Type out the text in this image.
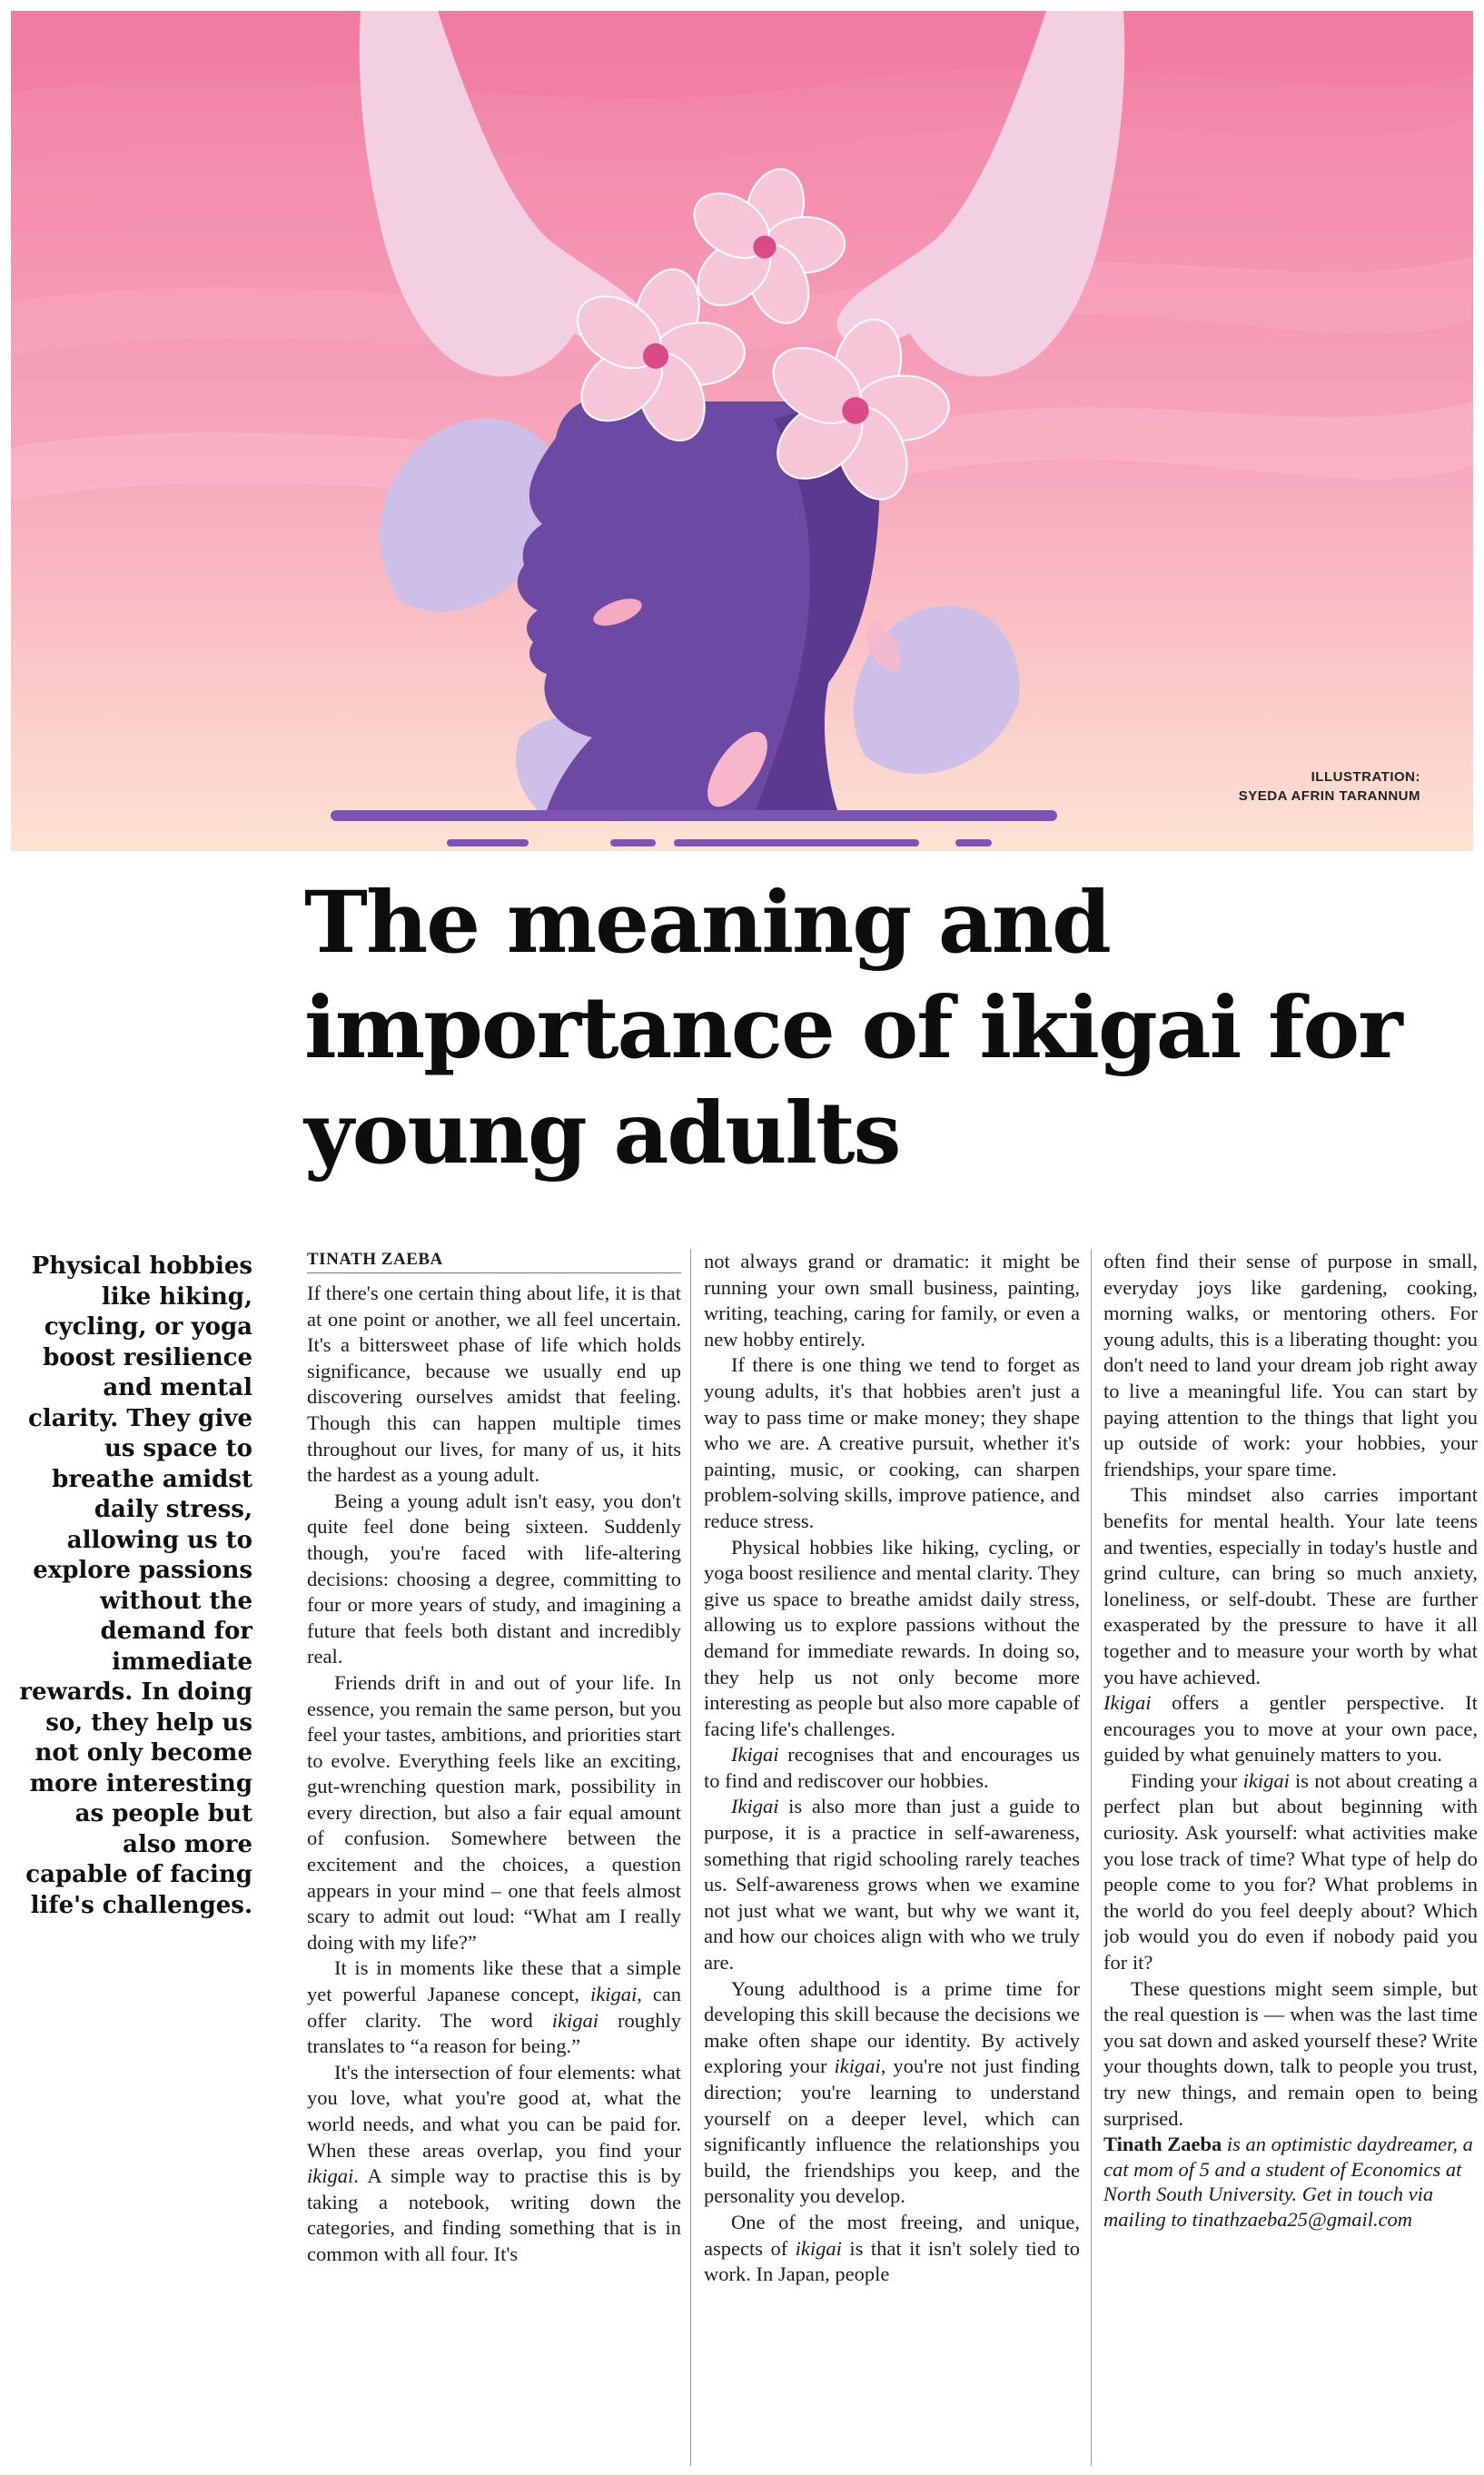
ILLUSTRATION:
SYEDA AFRIN TARANNUM
The meaning and importance of ikigai for young adults
Physical hobbies like hiking, cycling, or yoga boost resilience and mental clarity. They give us space to breathe amidst daily stress, allowing us to explore passions without the demand for immediate rewards. In doing so, they help us not only become more interesting as people but also more capable of facing life's challenges.
TINATH ZAEBA

If there's one certain thing about life, it is that at one point or another, we all feel uncertain. It's a bittersweet phase of life which holds significance, because we usually end up discovering ourselves amidst that feeling. Though this can happen multiple times throughout our lives, for many of us, it hits the hardest as a young adult.

Being a young adult isn't easy, you don't quite feel done being sixteen. Suddenly though, you're faced with life-altering decisions: choosing a degree, committing to four or more years of study, and imagining a future that feels both distant and incredibly real.

Friends drift in and out of your life. In essence, you remain the same person, but you feel your tastes, ambitions, and priorities start to evolve. Everything feels like an exciting, gut-wrenching question mark, possibility in every direction, but also a fair equal amount of confusion. Somewhere between the excitement and the choices, a question appears in your mind – one that feels almost scary to admit out loud: “What am I really doing with my life?”

It is in moments like these that a simple yet powerful Japanese concept, ikigai, can offer clarity. The word ikigai roughly translates to “a reason for being.”

It's the intersection of four elements: what you love, what you're good at, what the world needs, and what you can be paid for. When these areas overlap, you find your ikigai. A simple way to practise this is by taking a notebook, writing down the categories, and finding something that is in common with all four. It's

not always grand or dramatic: it might be running your own small business, painting, writing, teaching, caring for family, or even a new hobby entirely.

If there is one thing we tend to forget as young adults, it's that hobbies aren't just a way to pass time or make money; they shape who we are. A creative pursuit, whether it's painting, music, or cooking, can sharpen problem-solving skills, improve patience, and reduce stress.

Physical hobbies like hiking, cycling, or yoga boost resilience and mental clarity. They give us space to breathe amidst daily stress, allowing us to explore passions without the demand for immediate rewards. In doing so, they help us not only become more interesting as people but also more capable of facing life's challenges.

Ikigai recognises that and encourages us to find and rediscover our hobbies.

Ikigai is also more than just a guide to purpose, it is a practice in self-awareness, something that rigid schooling rarely teaches us. Self-awareness grows when we examine not just what we want, but why we want it, and how our choices align with who we truly are.

Young adulthood is a prime time for developing this skill because the decisions we make often shape our identity. By actively exploring your ikigai, you're not just finding direction; you're learning to understand yourself on a deeper level, which can significantly influence the relationships you build, the friendships you keep, and the personality you develop.

One of the most freeing, and unique, aspects of ikigai is that it isn't solely tied to work. In Japan, people

often find their sense of purpose in small, everyday joys like gardening, cooking, morning walks, or mentoring others. For young adults, this is a liberating thought: you don't need to land your dream job right away to live a meaningful life. You can start by paying attention to the things that light you up outside of work: your hobbies, your friendships, your spare time.

This mindset also carries important benefits for mental health. Your late teens and twenties, especially in today's hustle and grind culture, can bring so much anxiety, loneliness, or self-doubt. These are further exasperated by the pressure to have it all together and to measure your worth by what you have achieved.

Ikigai offers a gentler perspective. It encourages you to move at your own pace, guided by what genuinely matters to you.

Finding your ikigai is not about creating a perfect plan but about beginning with curiosity. Ask yourself: what activities make you lose track of time? What type of help do people come to you for? What problems in the world do you feel deeply about? Which job would you do even if nobody paid you for it?

These questions might seem simple, but the real question is — when was the last time you sat down and asked yourself these? Write your thoughts down, talk to people you trust, try new things, and remain open to being surprised.

Tinath Zaeba is an optimistic daydreamer, a cat mom of 5 and a student of Economics at North South University. Get in touch via mailing to tinathzaeba25@gmail.com
